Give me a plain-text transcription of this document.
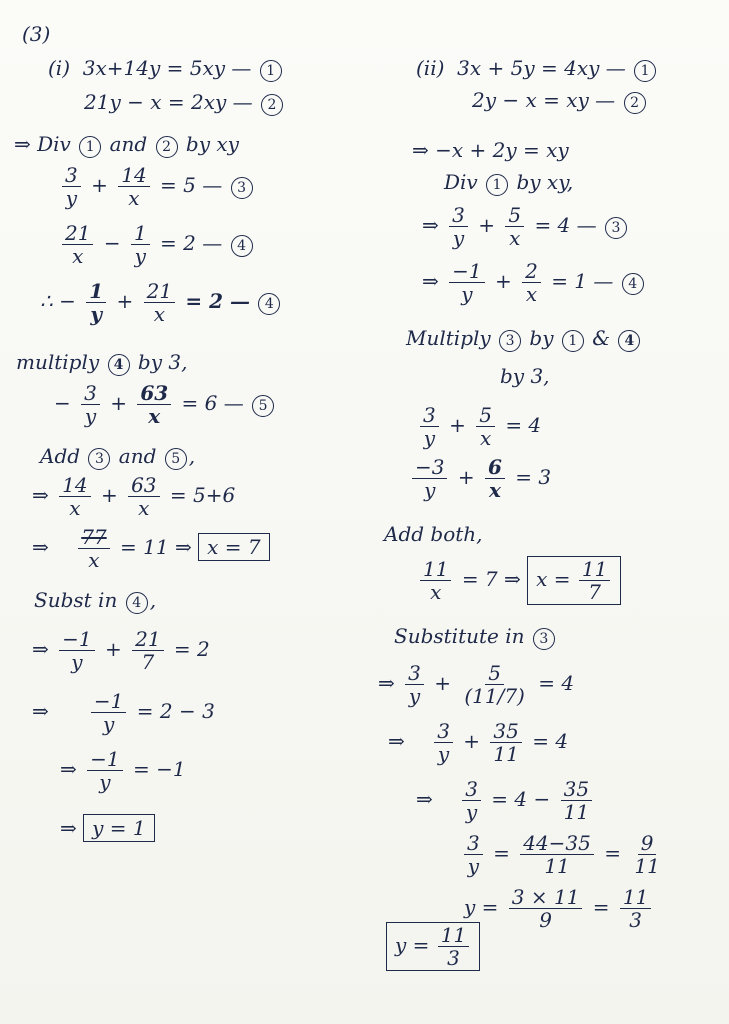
(3)
(i) 3x+14y = 5xy — 1
21y − x = 2xy — 2
⇒ Div 1 and 2 by xy
$\frac{3}{y} + \frac{14}{x} = 5$ — 3
$\frac{21}{x} - \frac{1}{y} = 2$ — 4
∴ − $\frac{1}{y} + \frac{21}{x} = 2$ — 4
multiply 4 by 3,
− $\frac{3}{y} + \frac{63}{x} = 6$ — 5
Add 3 and 5 ,
⇒ $\frac{14}{x} + \frac{63}{x} = 5+6$
⇒ $\frac{77}{x} = 11$ ⇒ x = 7
Subst in 4 ,
⇒ $\frac{-1}{y} + \frac{21}{7} = 2$
⇒ $\frac{-1}{y} = 2 - 3$
⇒ $\frac{-1}{y} = -1$
⇒ y = 1
(ii) 3x + 5y = 4xy — 1
2y − x = xy — 2
⇒ −x + 2y = xy
Div 1 by xy,
⇒ $\frac{3}{y} + \frac{5}{x} = 4$ — 3
⇒ $\frac{-1}{y} + \frac{2}{x} = 1$ — 4
Multiply 3 by 1 & 4
by 3,
$\frac{3}{y} + \frac{5}{x} = 4$
$\frac{-3}{y} + \frac{6}{x} = 3$
Add both,
$\frac{11}{x} = 7$ ⇒ $x = \frac{11}{7}$
Substitute in 3
⇒ $\frac{3}{y} + \frac{5}{(11/7)} = 4$
⇒ $\frac{3}{y} + \frac{35}{11} = 4$
⇒ $\frac{3}{y} = 4 - \frac{35}{11}$
$\frac{3}{y} = \frac{44-35}{11} = \frac{9}{11}$
$y = \frac{3 \times 11}{9} = \frac{11}{3}$
$y = \frac{11}{3}$
